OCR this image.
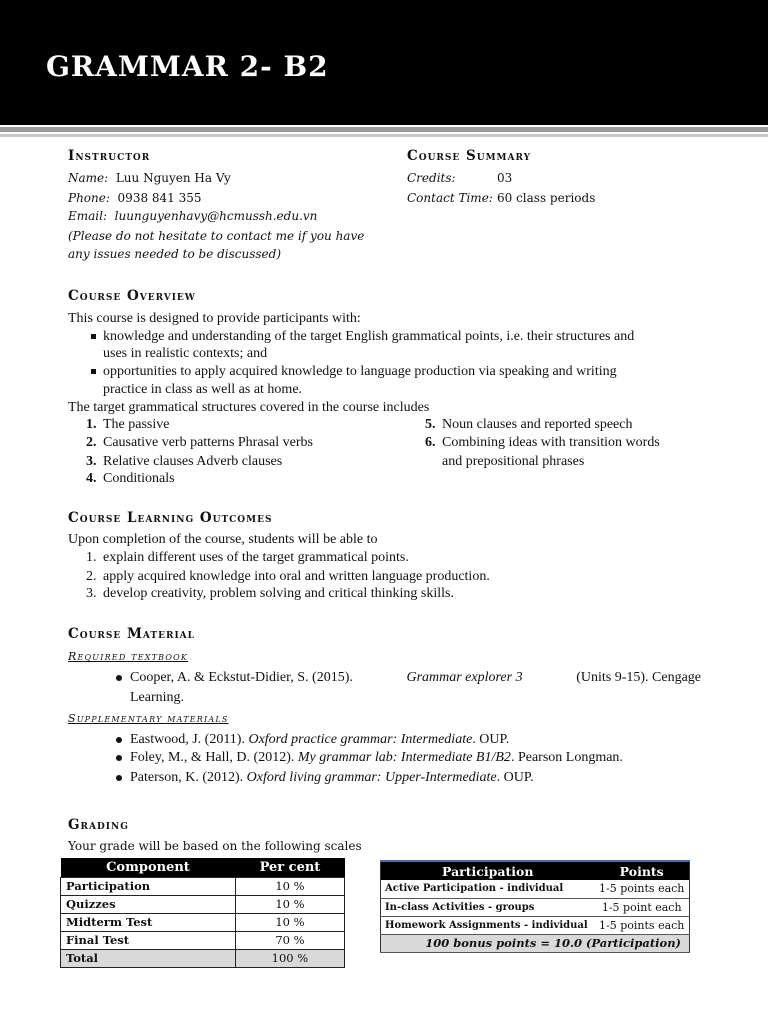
GRAMMAR 2- B2
Instructor
Name: Luu Nguyen Ha Vy
Phone: 0938 841 355
Email: luunguyenhavy@hcmussh.edu.vn
(Please do not hesitate to contact me if you have
any issues needed to be discussed)
Course Summary
Credits:	03
Contact Time: 60 class periods
Course Overview
This course is designed to provide participants with:
knowledge and understanding of the target English grammatical points, i.e. their structures and
uses in realistic contexts; and
opportunities to apply acquired knowledge to language production via speaking and writing
practice in class as well as at home.
The target grammatical structures covered in the course includes
1. The passive
2. Causative verb patterns Phrasal verbs
3. Relative clauses Adverb clauses
4. Conditionals
5. Noun clauses and reported speech
6. Combining ideas with transition words
and prepositional phrases
Course Learning Outcomes
Upon completion of the course, students will be able to
1. explain different uses of the target grammatical points.
2. apply acquired knowledge into oral and written language production.
3. develop creativity, problem solving and critical thinking skills.
Course Material
Required textbook
Cooper, A. & Eckstut-Didier, S. (2015).	Grammar explorer 3	(Units 9-15). Cengage
Learning.
Supplementary materials
Eastwood, J. (2011). Oxford practice grammar: Intermediate. OUP.
Foley, M., & Hall, D. (2012). My grammar lab: Intermediate B1/B2. Pearson Longman.
Paterson, K. (2012). Oxford living grammar: Upper-Intermediate. OUP.
Grading
Your grade will be based on the following scales
Component	Per cent
Participation	10 %
Quizzes	10 %
Midterm Test	10 %
Final Test	70 %
Total	100 %
Participation	Points
Active Participation - individual	1-5 points each
In-class Activities - groups	1-5 point each
Homework Assignments - individual	1-5 points each
100 bonus points = 10.0 (Participation)	
